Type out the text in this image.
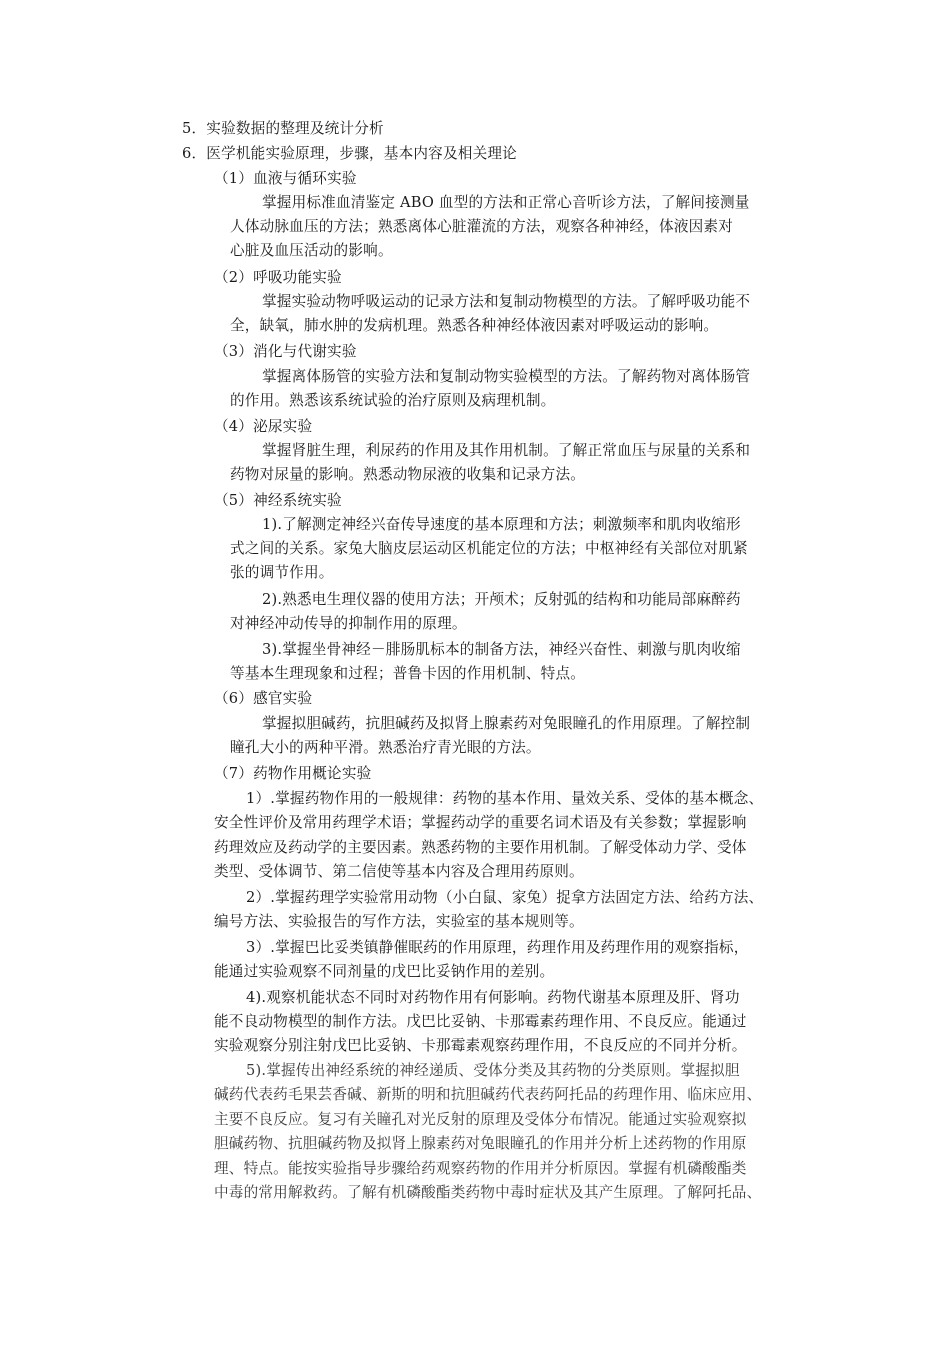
5．实验数据的整理及统计分析
6．医学机能实验原理，步骤，基本内容及相关理论
（1）血液与循环实验
掌握用标准血清鉴定 ABO 血型的方法和正常心音听诊方法，了解间接测量
人体动脉血压的方法；熟悉离体心脏灌流的方法，观察各种神经，体液因素对
心脏及血压活动的影响。
（2）呼吸功能实验
掌握实验动物呼吸运动的记录方法和复制动物模型的方法。了解呼吸功能不
全，缺氧，肺水肿的发病机理。熟悉各种神经体液因素对呼吸运动的影响。
（3）消化与代谢实验
掌握离体肠管的实验方法和复制动物实验模型的方法。了解药物对离体肠管
的作用。熟悉该系统试验的治疗原则及病理机制。
（4）泌尿实验
掌握肾脏生理，利尿药的作用及其作用机制。了解正常血压与尿量的关系和
药物对尿量的影响。熟悉动物尿液的收集和记录方法。
（5）神经系统实验
1).了解测定神经兴奋传导速度的基本原理和方法；刺激频率和肌肉收缩形
式之间的关系。家兔大脑皮层运动区机能定位的方法；中枢神经有关部位对肌紧
张的调节作用。
2).熟悉电生理仪器的使用方法；开颅术；反射弧的结构和功能局部麻醉药
对神经冲动传导的抑制作用的原理。
3).掌握坐骨神经－腓肠肌标本的制备方法，神经兴奋性、刺激与肌肉收缩
等基本生理现象和过程；普鲁卡因的作用机制、特点。
（6）感官实验
掌握拟胆碱药，抗胆碱药及拟肾上腺素药对兔眼瞳孔的作用原理。了解控制
瞳孔大小的两种平滑。熟悉治疗青光眼的方法。
（7）药物作用概论实验
1）.掌握药物作用的一般规律：药物的基本作用、量效关系、受体的基本概念、
安全性评价及常用药理学术语；掌握药动学的重要名词术语及有关参数；掌握影响
药理效应及药动学的主要因素。熟悉药物的主要作用机制。了解受体动力学、受体
类型、受体调节、第二信使等基本内容及合理用药原则。
2）.掌握药理学实验常用动物（小白鼠、家兔）捉拿方法固定方法、给药方法、
编号方法、实验报告的写作方法，实验室的基本规则等。
3）.掌握巴比妥类镇静催眠药的作用原理，药理作用及药理作用的观察指标，
能通过实验观察不同剂量的戊巴比妥钠作用的差别。
4).观察机能状态不同时对药物作用有何影响。药物代谢基本原理及肝、肾功
能不良动物模型的制作方法。戊巴比妥钠、卡那霉素药理作用、不良反应。能通过
实验观察分别注射戊巴比妥钠、卡那霉素观察药理作用，不良反应的不同并分析。
5).掌握传出神经系统的神经递质、受体分类及其药物的分类原则。掌握拟胆
碱药代表药毛果芸香碱、新斯的明和抗胆碱药代表药阿托品的药理作用、临床应用、
主要不良反应。复习有关瞳孔对光反射的原理及受体分布情况。能通过实验观察拟
胆碱药物、抗胆碱药物及拟肾上腺素药对兔眼瞳孔的作用并分析上述药物的作用原
理、特点。能按实验指导步骤给药观察药物的作用并分析原因。掌握有机磷酸酯类
中毒的常用解救药。了解有机磷酸酯类药物中毒时症状及其产生原理。了解阿托品、
